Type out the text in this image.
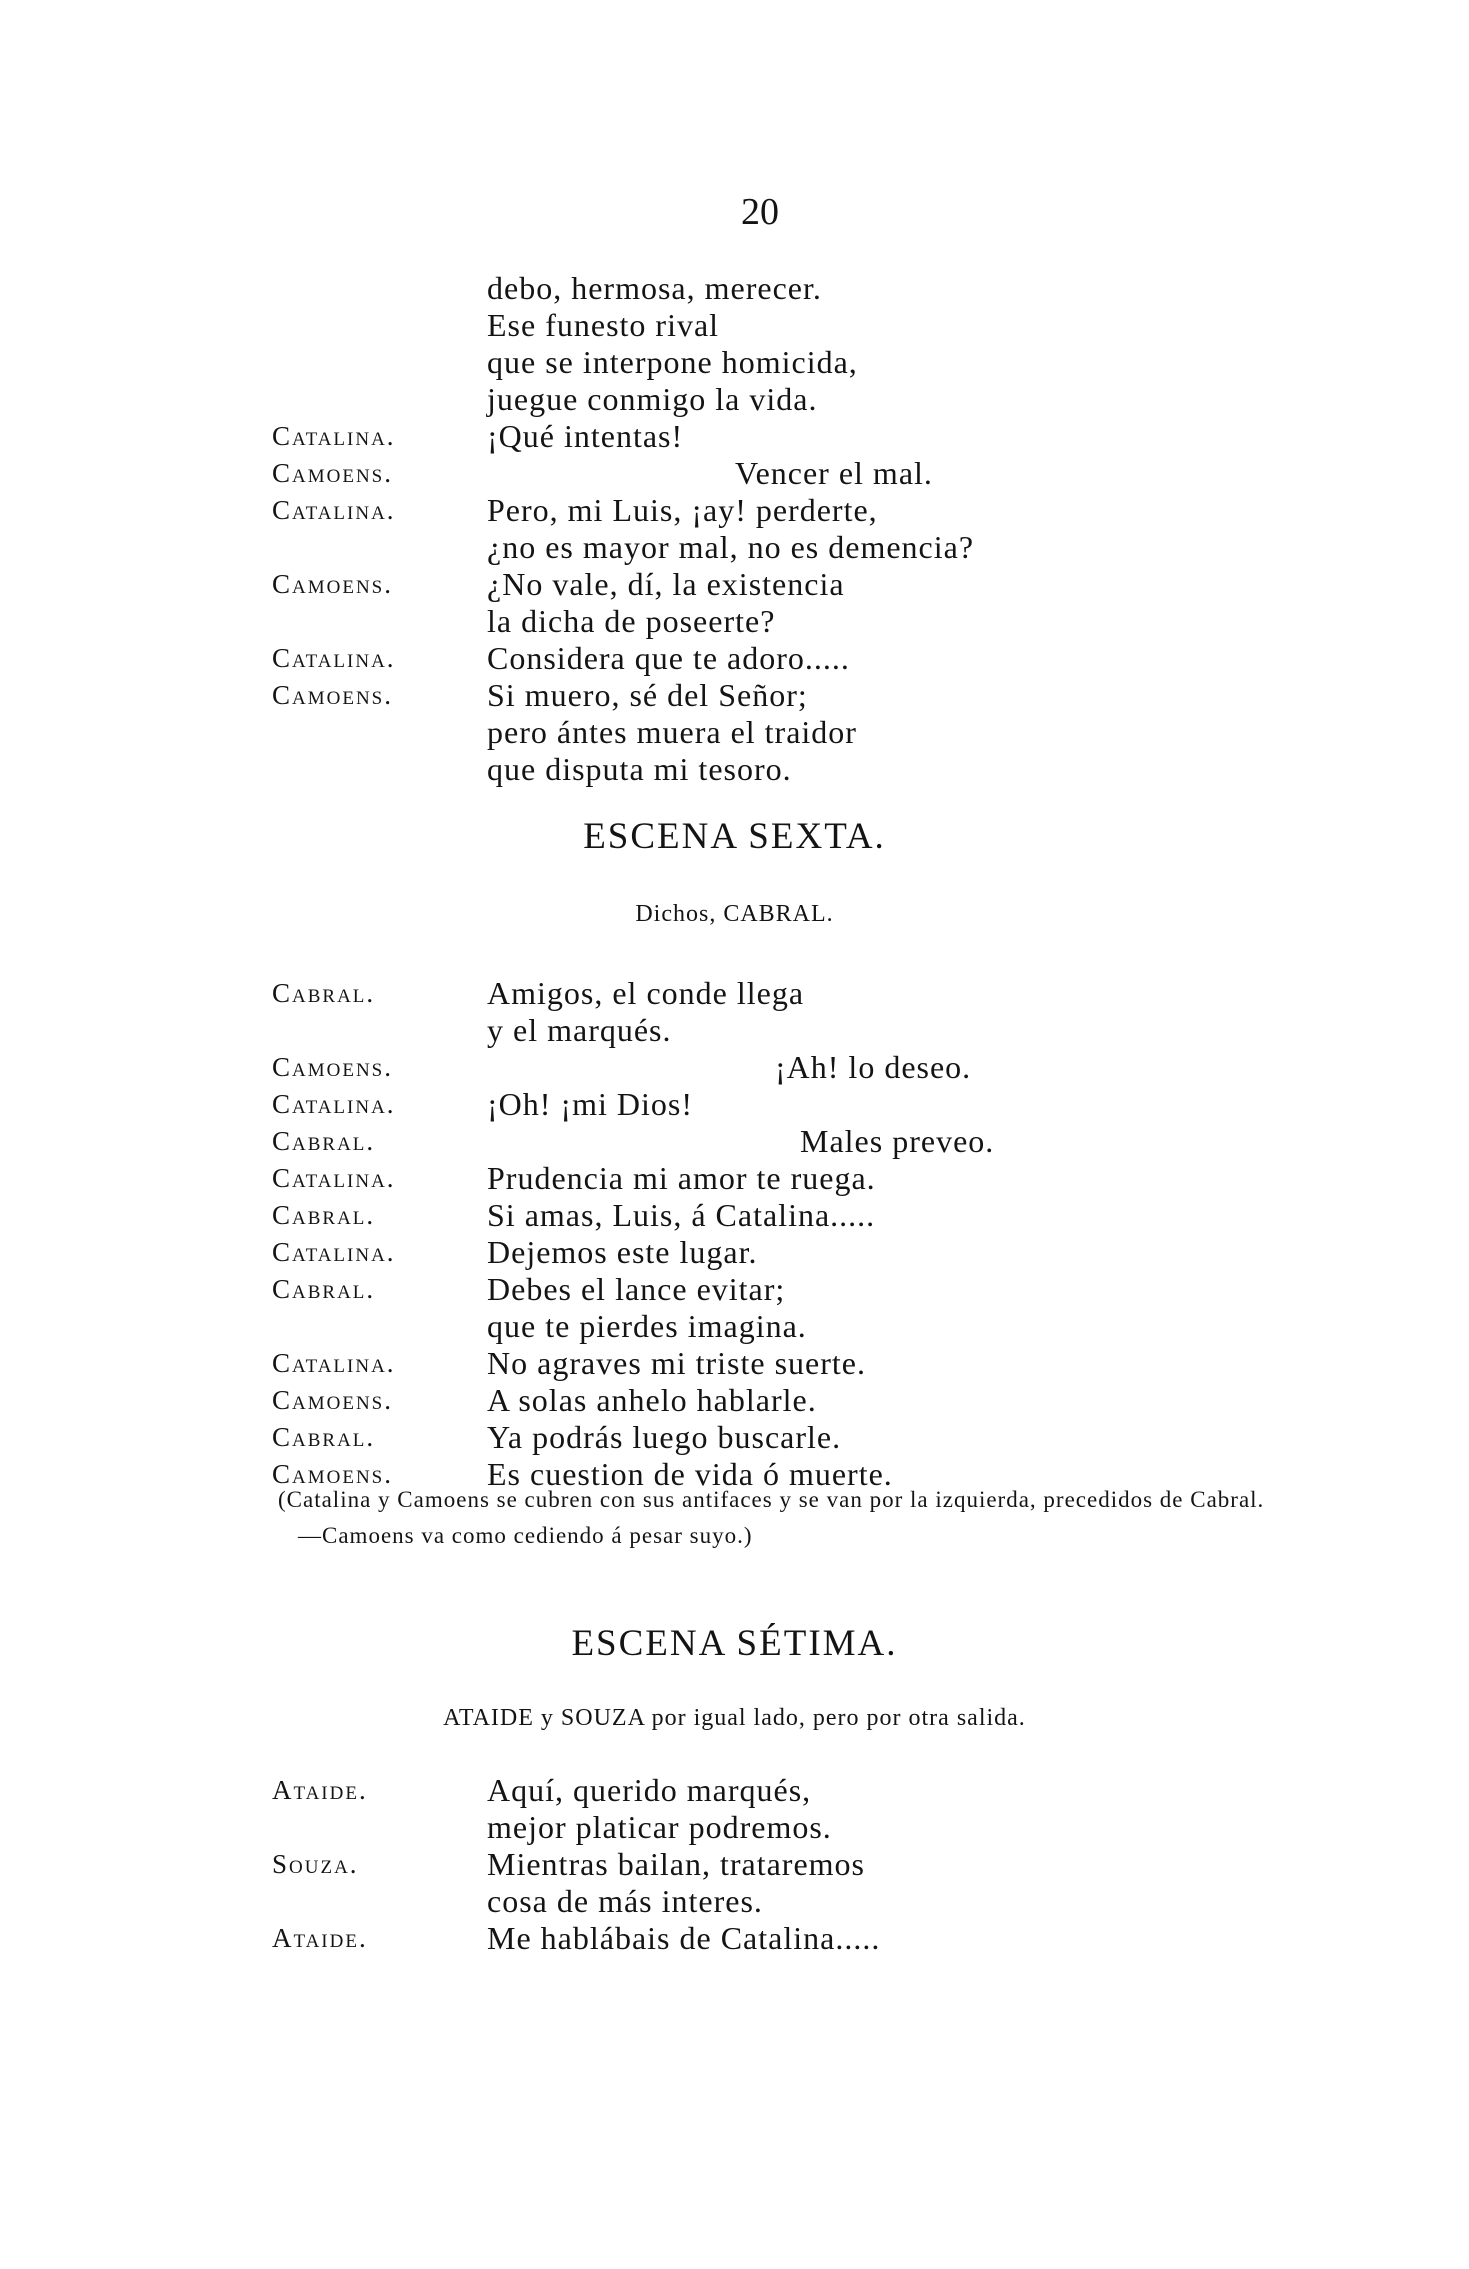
20
debo, hermosa, merecer.
Ese funesto rival
que se interpone homicida,
juegue conmigo la vida.
Catalina.	¡Qué intentas!
Camoens.	Vencer el mal.
Catalina.	Pero, mi Luis, ¡ay! perderte,
¿no es mayor mal, no es demencia?
Camoens.	¿No vale, dí, la existencia
la dicha de poseerte?
Catalina.	Considera que te adoro.....
Camoens.	Si muero, sé del Señor;
pero ántes muera el traidor
que disputa mi tesoro.
ESCENA SEXTA.
Dichos, CABRAL.
Cabral.	Amigos, el conde llega
y el marqués.
Camoens.	¡Ah! lo deseo.
Catalina.	¡Oh! ¡mi Dios!
Cabral.	Males preveo.
Catalina.	Prudencia mi amor te ruega.
Cabral.	Si amas, Luis, á Catalina.....
Catalina.	Dejemos este lugar.
Cabral.	Debes el lance evitar;
que te pierdes imagina.
Catalina.	No agraves mi triste suerte.
Camoens.	A solas anhelo hablarle.
Cabral.	Ya podrás luego buscarle.
Camoens.	Es cuestion de vida ó muerte.
(Catalina y Camoens se cubren con sus antifaces y se van por la izquierda, precedidos de Cabral.—Camoens va como cediendo á pesar suyo.)
ESCENA SÉTIMA.
ATAIDE y SOUZA por igual lado, pero por otra salida.
Ataide.	Aquí, querido marqués,
mejor platicar podremos.
Souza.	Mientras bailan, trataremos
cosa de más interes.
Ataide.	Me hablábais de Catalina.....
